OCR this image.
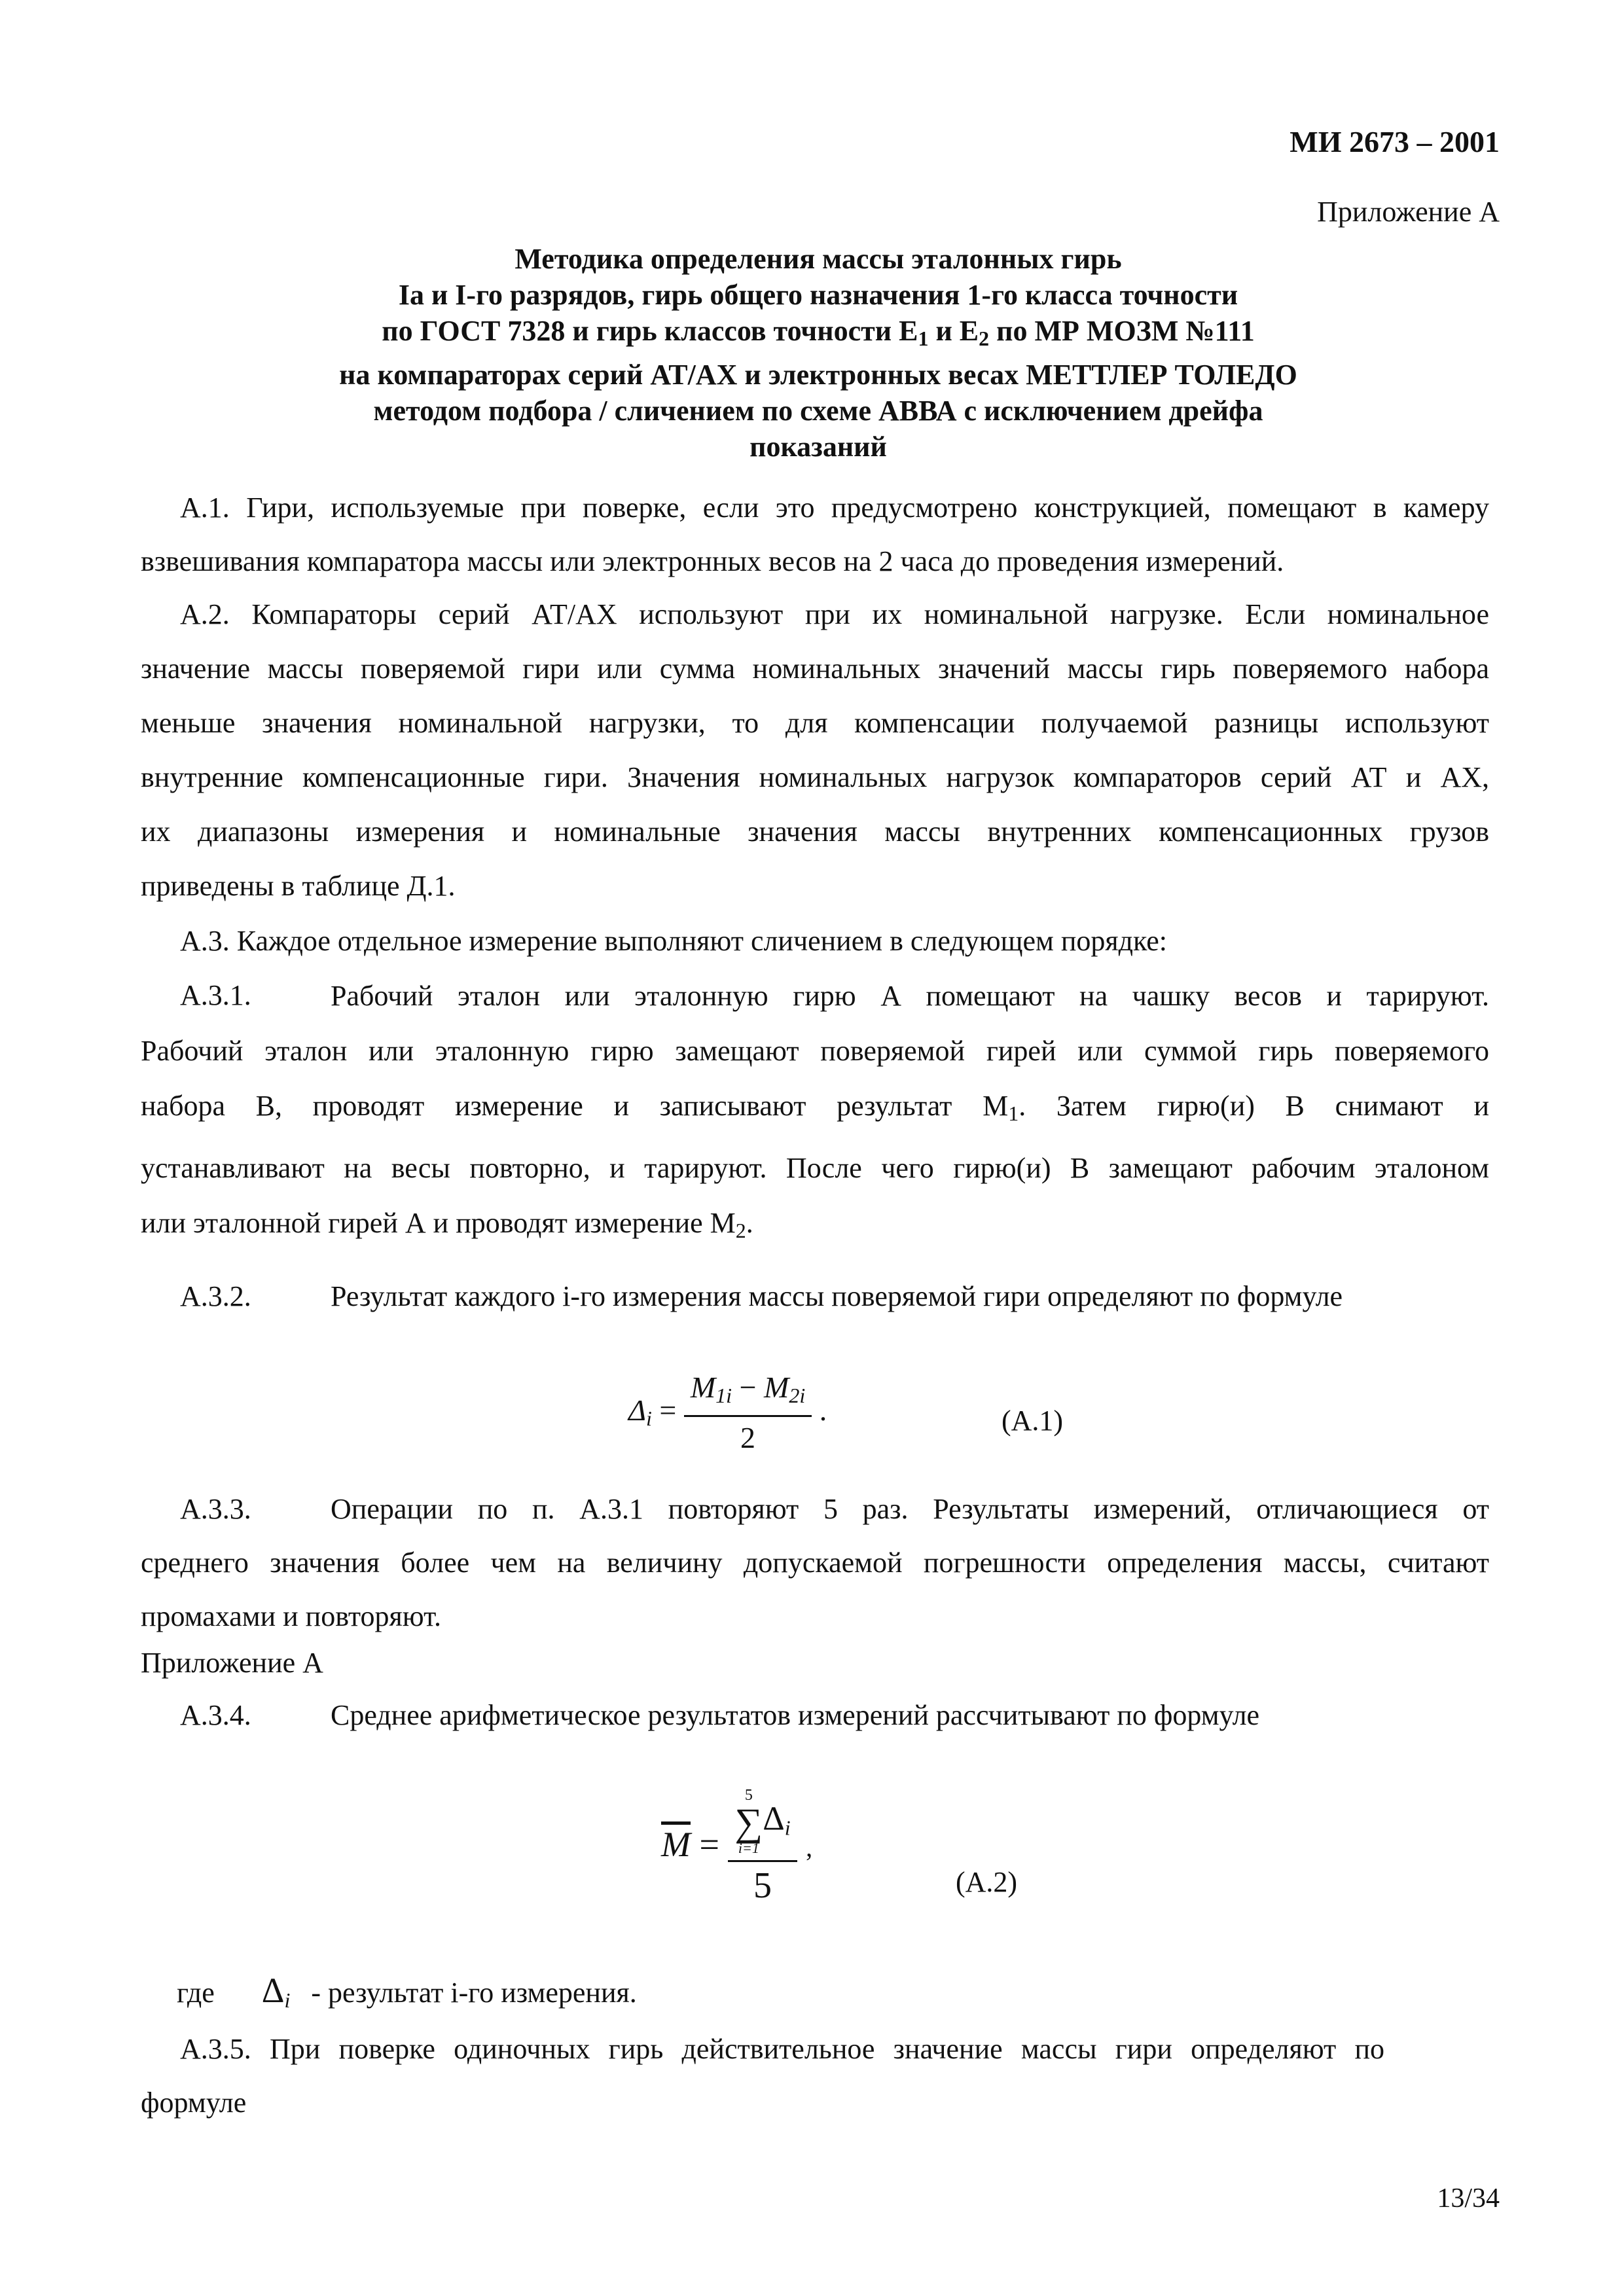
МИ 2673 – 2001
Приложение А
Методика определения массы эталонных гирь
Iа и I-го разрядов, гирь общего назначения 1-го класса точности
по ГОСТ 7328 и гирь классов точности $Е_1$ и $Е_2$ по МР МОЗМ №111
на компараторах серий АТ/АХ и электронных весах МЕТТЛЕР ТОЛЕДО
методом подбора / сличением по схеме АВВА с исключением дрейфа
показаний
А.1. Гири, используемые при поверке, если это предусмотрено конструкцией, помещают в камеру
взвешивания компаратора массы или электронных весов на 2 часа до проведения измерений.
А.2. Компараторы серий АТ/АХ используют при их номинальной нагрузке. Если номинальное
значение массы поверяемой гири или сумма номинальных значений массы гирь поверяемого набора
меньше значения номинальной нагрузки, то для компенсации получаемой разницы используют
внутренние компенсационные гири. Значения номинальных нагрузок компараторов серий АТ и АХ,
их диапазоны измерения и номинальные значения массы внутренних компенсационных грузов
приведены в таблице Д.1.
А.3. Каждое отдельное измерение выполняют сличением в следующем порядке:
А.3.1.	Рабочий эталон или эталонную гирю А помещают на чашку весов и тарируют.
Рабочий эталон или эталонную гирю замещают поверяемой гирей или суммой гирь поверяемого
набора В, проводят измерение и записывают результат $М_1$. Затем гирю(и) В снимают и
устанавливают на весы повторно, и тарируют. После чего гирю(и) В замещают рабочим эталоном
или эталонной гирей А и проводят измерение $М_2$.
А.3.2.	Результат каждого i-го измерения массы поверяемой гири определяют по формуле
$\Delta_i = \frac{M_{1i} - M_{2i}}{2}$ .	(А.1)
А.3.3.	Операции по п. А.3.1 повторяют 5 раз. Результаты измерений, отличающиеся от
среднего значения более чем на величину допускаемой погрешности определения массы, считают
промахами и повторяют.
Приложение А
А.3.4.	Среднее арифметическое результатов измерений рассчитывают по формуле
$\overline{M} = 5$
∑
i=1
$\Delta_i$
5 ,
(А.2)
где $\Delta_i$ - результат i-го измерения.
А.3.5. При поверке одиночных гирь действительное значение массы гири определяют по
формуле
13/34
